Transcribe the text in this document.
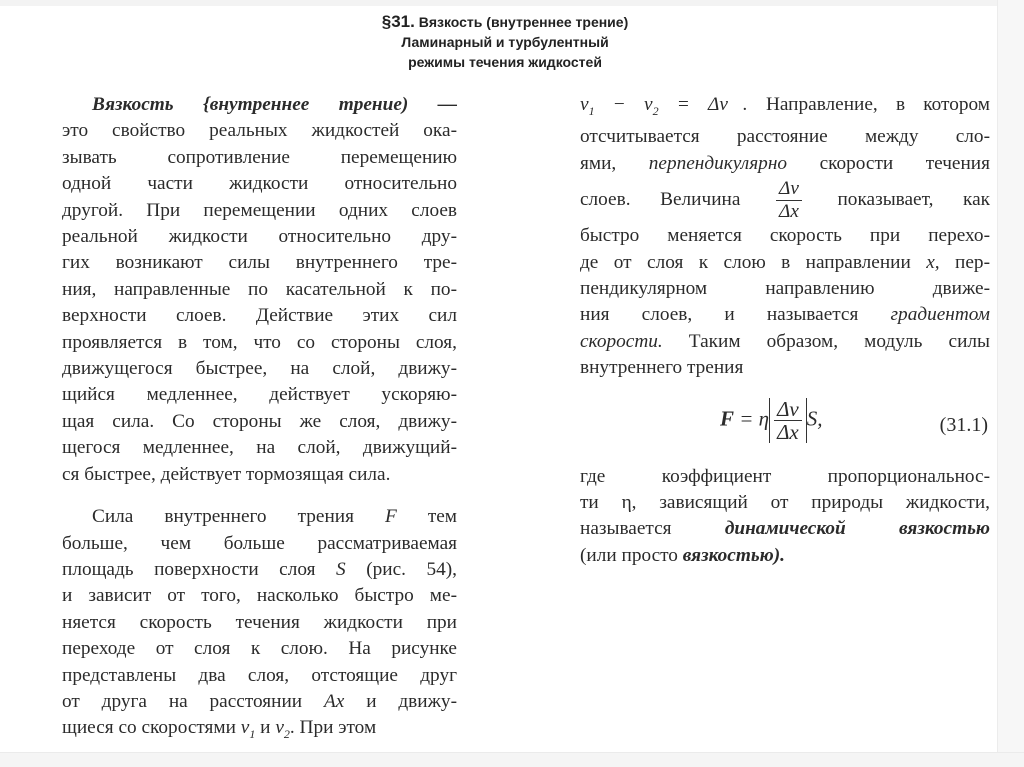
§31. Вязкость (внутреннее трение)
Ламинарный и турбулентный
режимы течения жидкостей

Вязкость {внутреннее трение) —
это свойство реальных жидкостей ока-
зывать сопротивление перемещению
одной части жидкости относительно
другой. При перемещении одних слоев
реальной жидкости относительно дру-
гих возникают силы внутреннего тре-
ния, направленные по касательной к по-
верхности слоев. Действие этих сил
проявляется в том, что со стороны слоя,
движущегося быстрее, на слой, движу-
щийся медленнее, действует ускоряю-
щая сила. Со стороны же слоя, движу-
щегося медленнее, на слой, движущий-
ся быстрее, действует тормозящая сила.

Сила внутреннего трения F тем
больше, чем больше рассматриваемая
площадь поверхности слоя S (рис. 54),
и зависит от того, насколько быстро ме-
няется скорость течения жидкости при
переходе от слоя к слою. На рисунке
представлены два слоя, отстоящие друг
от друга на расстоянии Ax и движу-
щиеся со скоростями $v_1$ и $v_2$. При этом

$v_1 - v_2$ = Δv⃗. Направление, в котором
отсчитывается расстояние между сло-
ями, перпендикулярно скорости течения
слоев. Величина $\frac{\Delta v}{\Delta x}$ показывает, как
быстро меняется скорость при перехо-
де от слоя к слою в направлении x, пер-
пендикулярном направлению движе-
ния слоев, и называется градиентом
скорости. Таким образом, модуль силы
внутреннего трения

F = η $\frac{\Delta v}{\Delta x} S$,	(31.1)

где коэффициент пропорциональнос-
ти η, зависящий от природы жидкости,
называется	динамической вязкостью
(или просто вязкостью).
